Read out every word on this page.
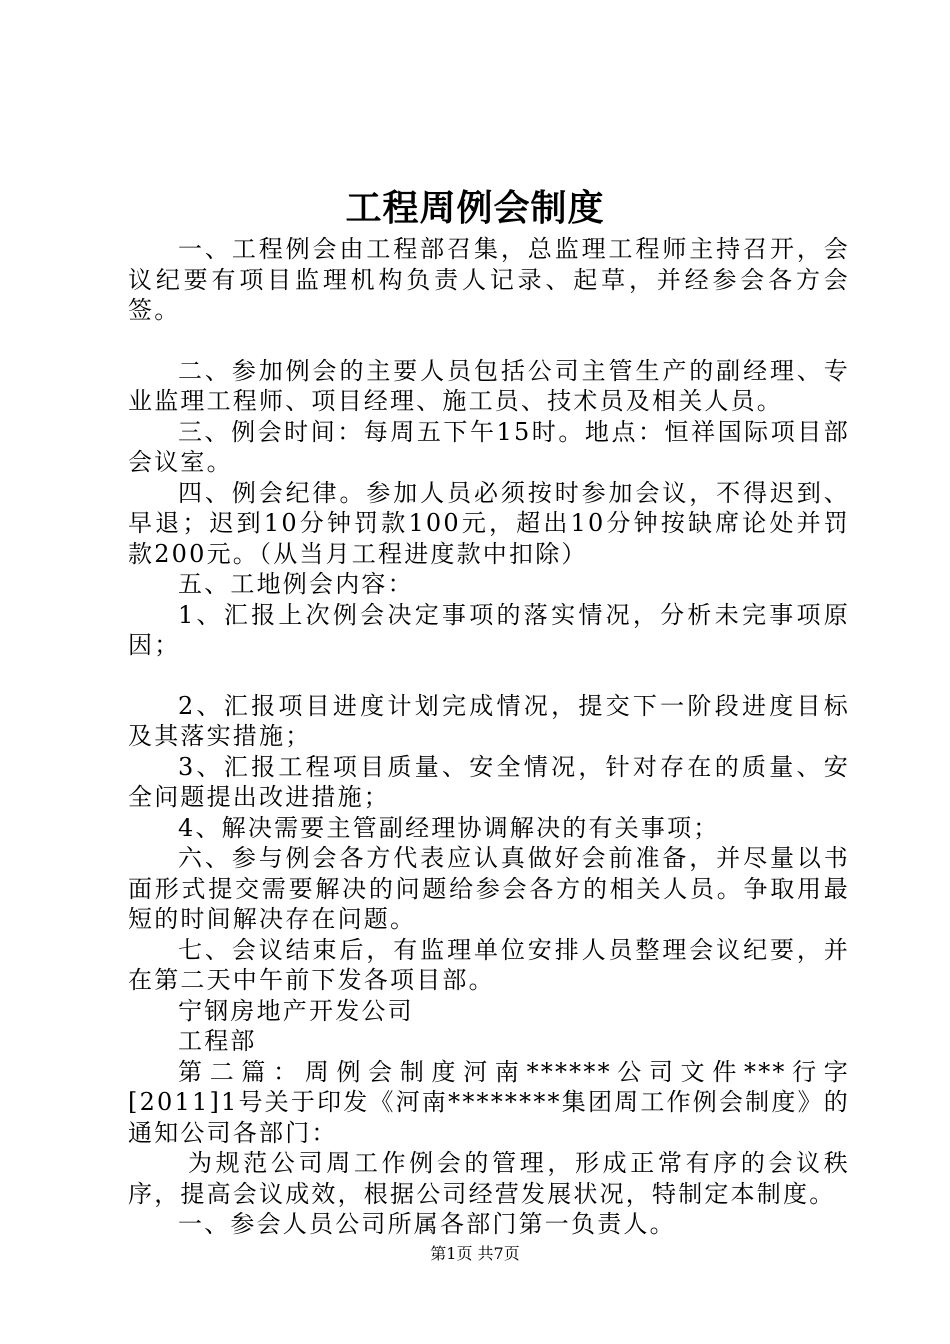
工程周例会制度

一、工程例会由工程部召集，总监理工程师主持召开，会议纪要有项目监理机构负责人记录、起草，并经参会各方会签。

二、参加例会的主要人员包括公司主管生产的副经理、专业监理工程师、项目经理、施工员、技术员及相关人员。

三、例会时间：每周五下午15时。地点：恒祥国际项目部会议室。

四、例会纪律。参加人员必须按时参加会议，不得迟到、早退；迟到10分钟罚款100元，超出10分钟按缺席论处并罚款200元。（从当月工程进度款中扣除）

五、工地例会内容：

1、汇报上次例会决定事项的落实情况，分析未完事项原因；

2、汇报项目进度计划完成情况，提交下一阶段进度目标及其落实措施；

3、汇报工程项目质量、安全情况，针对存在的质量、安全问题提出改进措施；

4、解决需要主管副经理协调解决的有关事项；

六、参与例会各方代表应认真做好会前准备，并尽量以书面形式提交需要解决的问题给参会各方的相关人员。争取用最短的时间解决存在问题。

七、会议结束后，有监理单位安排人员整理会议纪要，并在第二天中午前下发各项目部。

宁钢房地产开发公司

工程部

第二篇：周例会制度河南******公司文件***行字[2011]1号关于印发《河南********集团周工作例会制度》的通知公司各部门：

为规范公司周工作例会的管理，形成正常有序的会议秩序，提高会议成效，根据公司经营发展状况，特制定本制度。

一、参会人员公司所属各部门第一负责人。

第1页 共7页
